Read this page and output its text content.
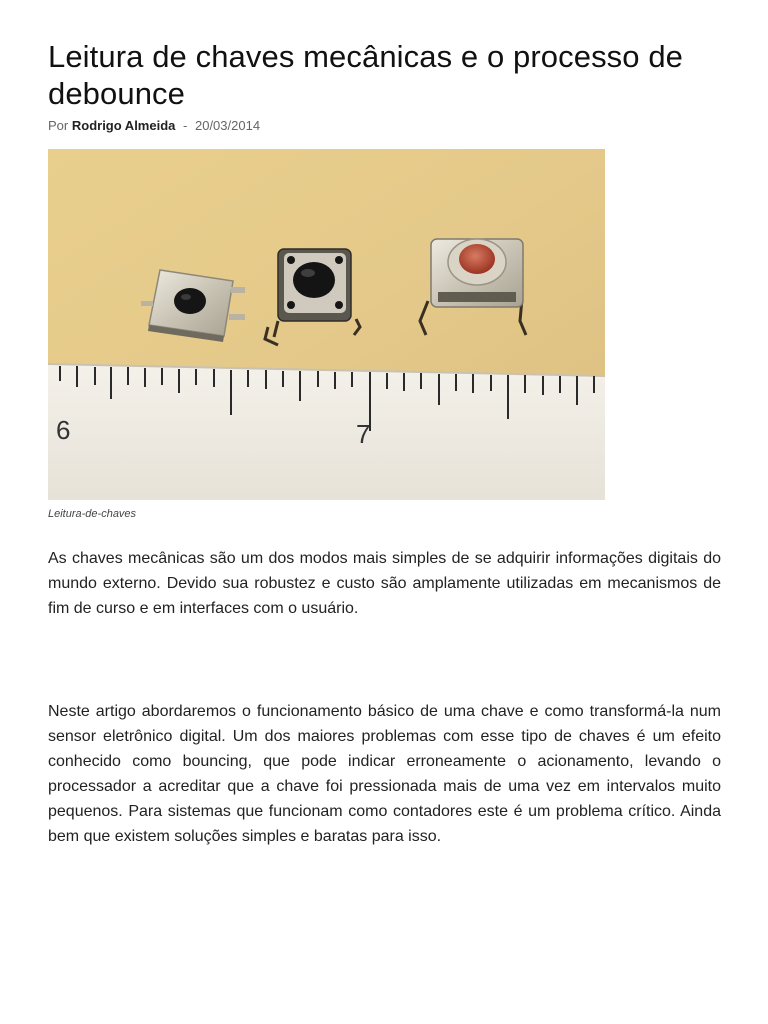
Leitura de chaves mecânicas e o processo de debounce
Por Rodrigo Almeida - 20/03/2014
6	7
Leitura-de-chaves

As chaves mecânicas são um dos modos mais simples de se adquirir informações digitais do mundo externo. Devido sua robustez e custo são amplamente utilizadas em mecanismos de fim de curso e em interfaces com o usuário.

Neste artigo abordaremos o funcionamento básico de uma chave e como transformá-la num sensor eletrônico digital. Um dos maiores problemas com esse tipo de chaves é um efeito conhecido como bouncing, que pode indicar erroneamente o acionamento, levando o processador a acreditar que a chave foi pressionada mais de uma vez em intervalos muito pequenos. Para sistemas que funcionam como contadores este é um problema crítico. Ainda bem que existem soluções simples e baratas para isso.
